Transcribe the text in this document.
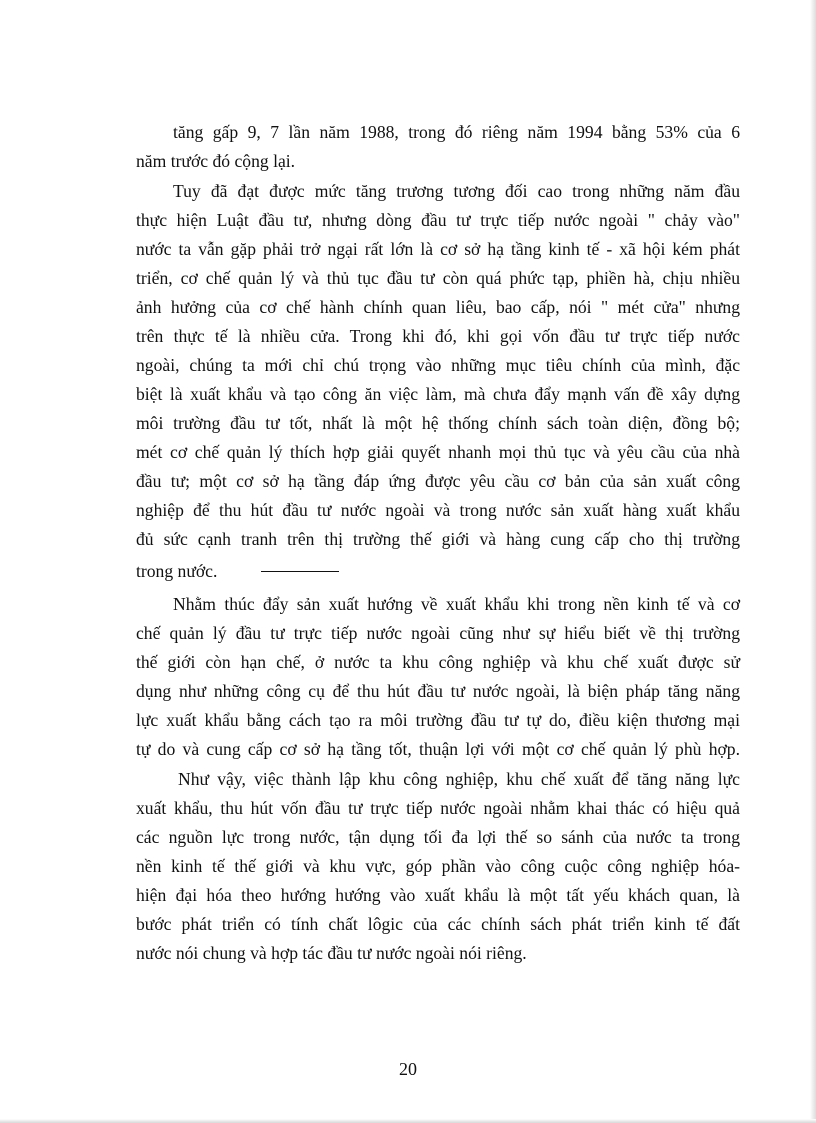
tăng gấp 9, 7 lần năm 1988, trong đó riêng năm 1994 bằng 53% của 6
năm trước đó cộng lại.
Tuy đã đạt được mức tăng trương tương đối cao trong những năm đầu
thực hiện Luật đầu tư, nhưng dòng đầu tư trực tiếp nước ngoài " chảy vào"
nước ta vẫn gặp phải trở ngại rất lớn là cơ sở hạ tầng kinh tế - xã hội kém phát
triển, cơ chế quản lý và thủ tục đầu tư còn quá phức tạp, phiền hà, chịu nhiều
ảnh hưởng của cơ chế hành chính quan liêu, bao cấp, nói " mét cửa" nhưng
trên thực tế là nhiều cửa. Trong khi đó, khi gọi vốn đầu tư trực tiếp nước
ngoài, chúng ta mới chỉ chú trọng vào những mục tiêu chính của mình, đặc
biệt là xuất khẩu và tạo công ăn việc làm, mà chưa đẩy mạnh vấn đề xây dựng
môi trường đầu tư tốt, nhất là một hệ thống chính sách toàn diện, đồng bộ;
mét cơ chế quản lý thích hợp giải quyết nhanh mọi thủ tục và yêu cầu của nhà
đầu tư; một cơ sở hạ tầng đáp ứng được yêu cầu cơ bản của sản xuất công
nghiệp để thu hút đầu tư nước ngoài và trong nước sản xuất hàng xuất khẩu
đủ sức cạnh tranh trên thị trường thế giới và hàng cung cấp cho thị trường
trong nước.
Nhằm thúc đẩy sản xuất hướng về xuất khẩu khi trong nền kinh tế và cơ
chế quản lý đầu tư trực tiếp nước ngoài cũng như sự hiểu biết về thị trường
thế giới còn hạn chế, ở nước ta khu công nghiệp và khu chế xuất được sử
dụng như những công cụ để thu hút đầu tư nước ngoài, là biện pháp tăng năng
lực xuất khẩu bằng cách tạo ra môi trường đầu tư tự do, điều kiện thương mại
tự do và cung cấp cơ sở hạ tầng tốt, thuận lợi với một cơ chế quản lý phù hợp.
Như vậy, việc thành lập khu công nghiệp, khu chế xuất để tăng năng lực
xuất khẩu, thu hút vốn đầu tư trực tiếp nước ngoài nhằm khai thác có hiệu quả
các nguồn lực trong nước, tận dụng tối đa lợi thế so sánh của nước ta trong
nền kinh tế thế giới và khu vực, góp phần vào công cuộc công nghiệp hóa-
hiện đại hóa theo hướng hướng vào xuất khẩu là một tất yếu khách quan, là
bước phát triển có tính chất lôgic của các chính sách phát triển kinh tế đất
nước nói chung và hợp tác đầu tư nước ngoài nói riêng.
20
